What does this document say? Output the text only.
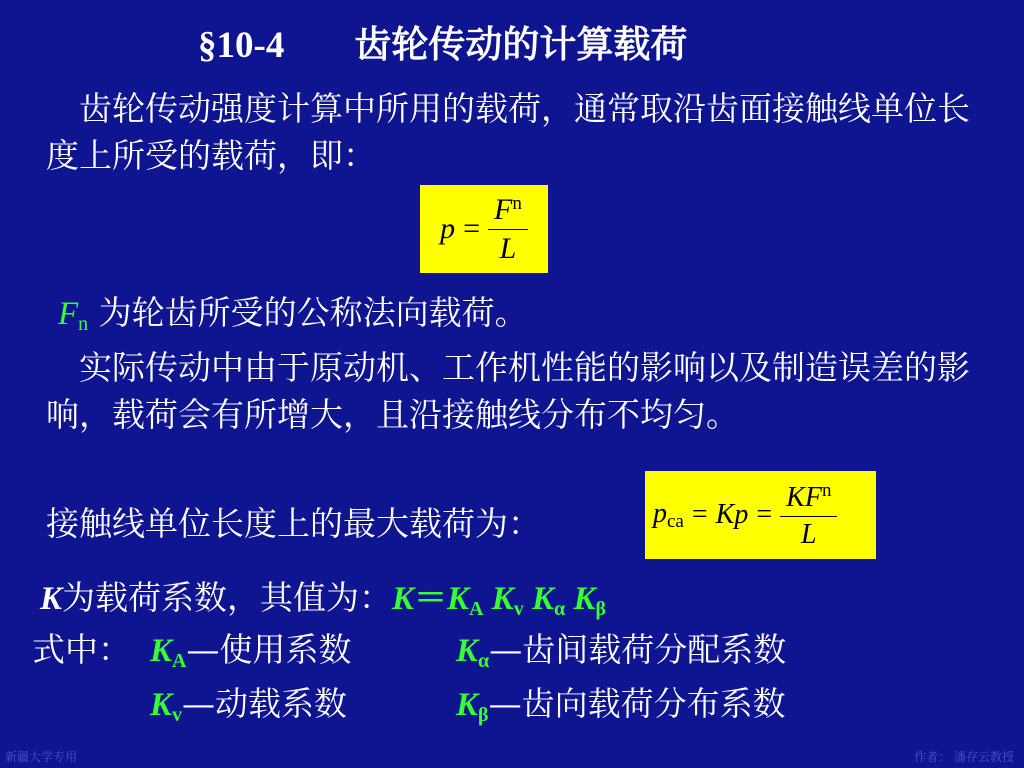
§10-4 齿轮传动的计算载荷
　齿轮传动强度计算中所用的载荷，通常取沿齿面接触线单位长度上所受的载荷，即：
$p = \frac{F^n}{L}$
$F_n$ 为轮齿所受的公称法向载荷。
　实际传动中由于原动机、工作机性能的影响以及制造误差的影响，载荷会有所增大，且沿接触线分布不均匀。
接触线单位长度上的最大载荷为：	pca = $Kp = \frac{KF^n}{L}$
K为载荷系数，其值为：$K=K_A$ $K_v$ $K_\alpha$ $K_\beta$
式中： $K_A—$使用系数	$K_\alpha—$齿间载荷分配系数
$K_v—$动载系数	$K_\beta—$齿向载荷分布系数
新疆大学专用	作者： 潘存云教授
